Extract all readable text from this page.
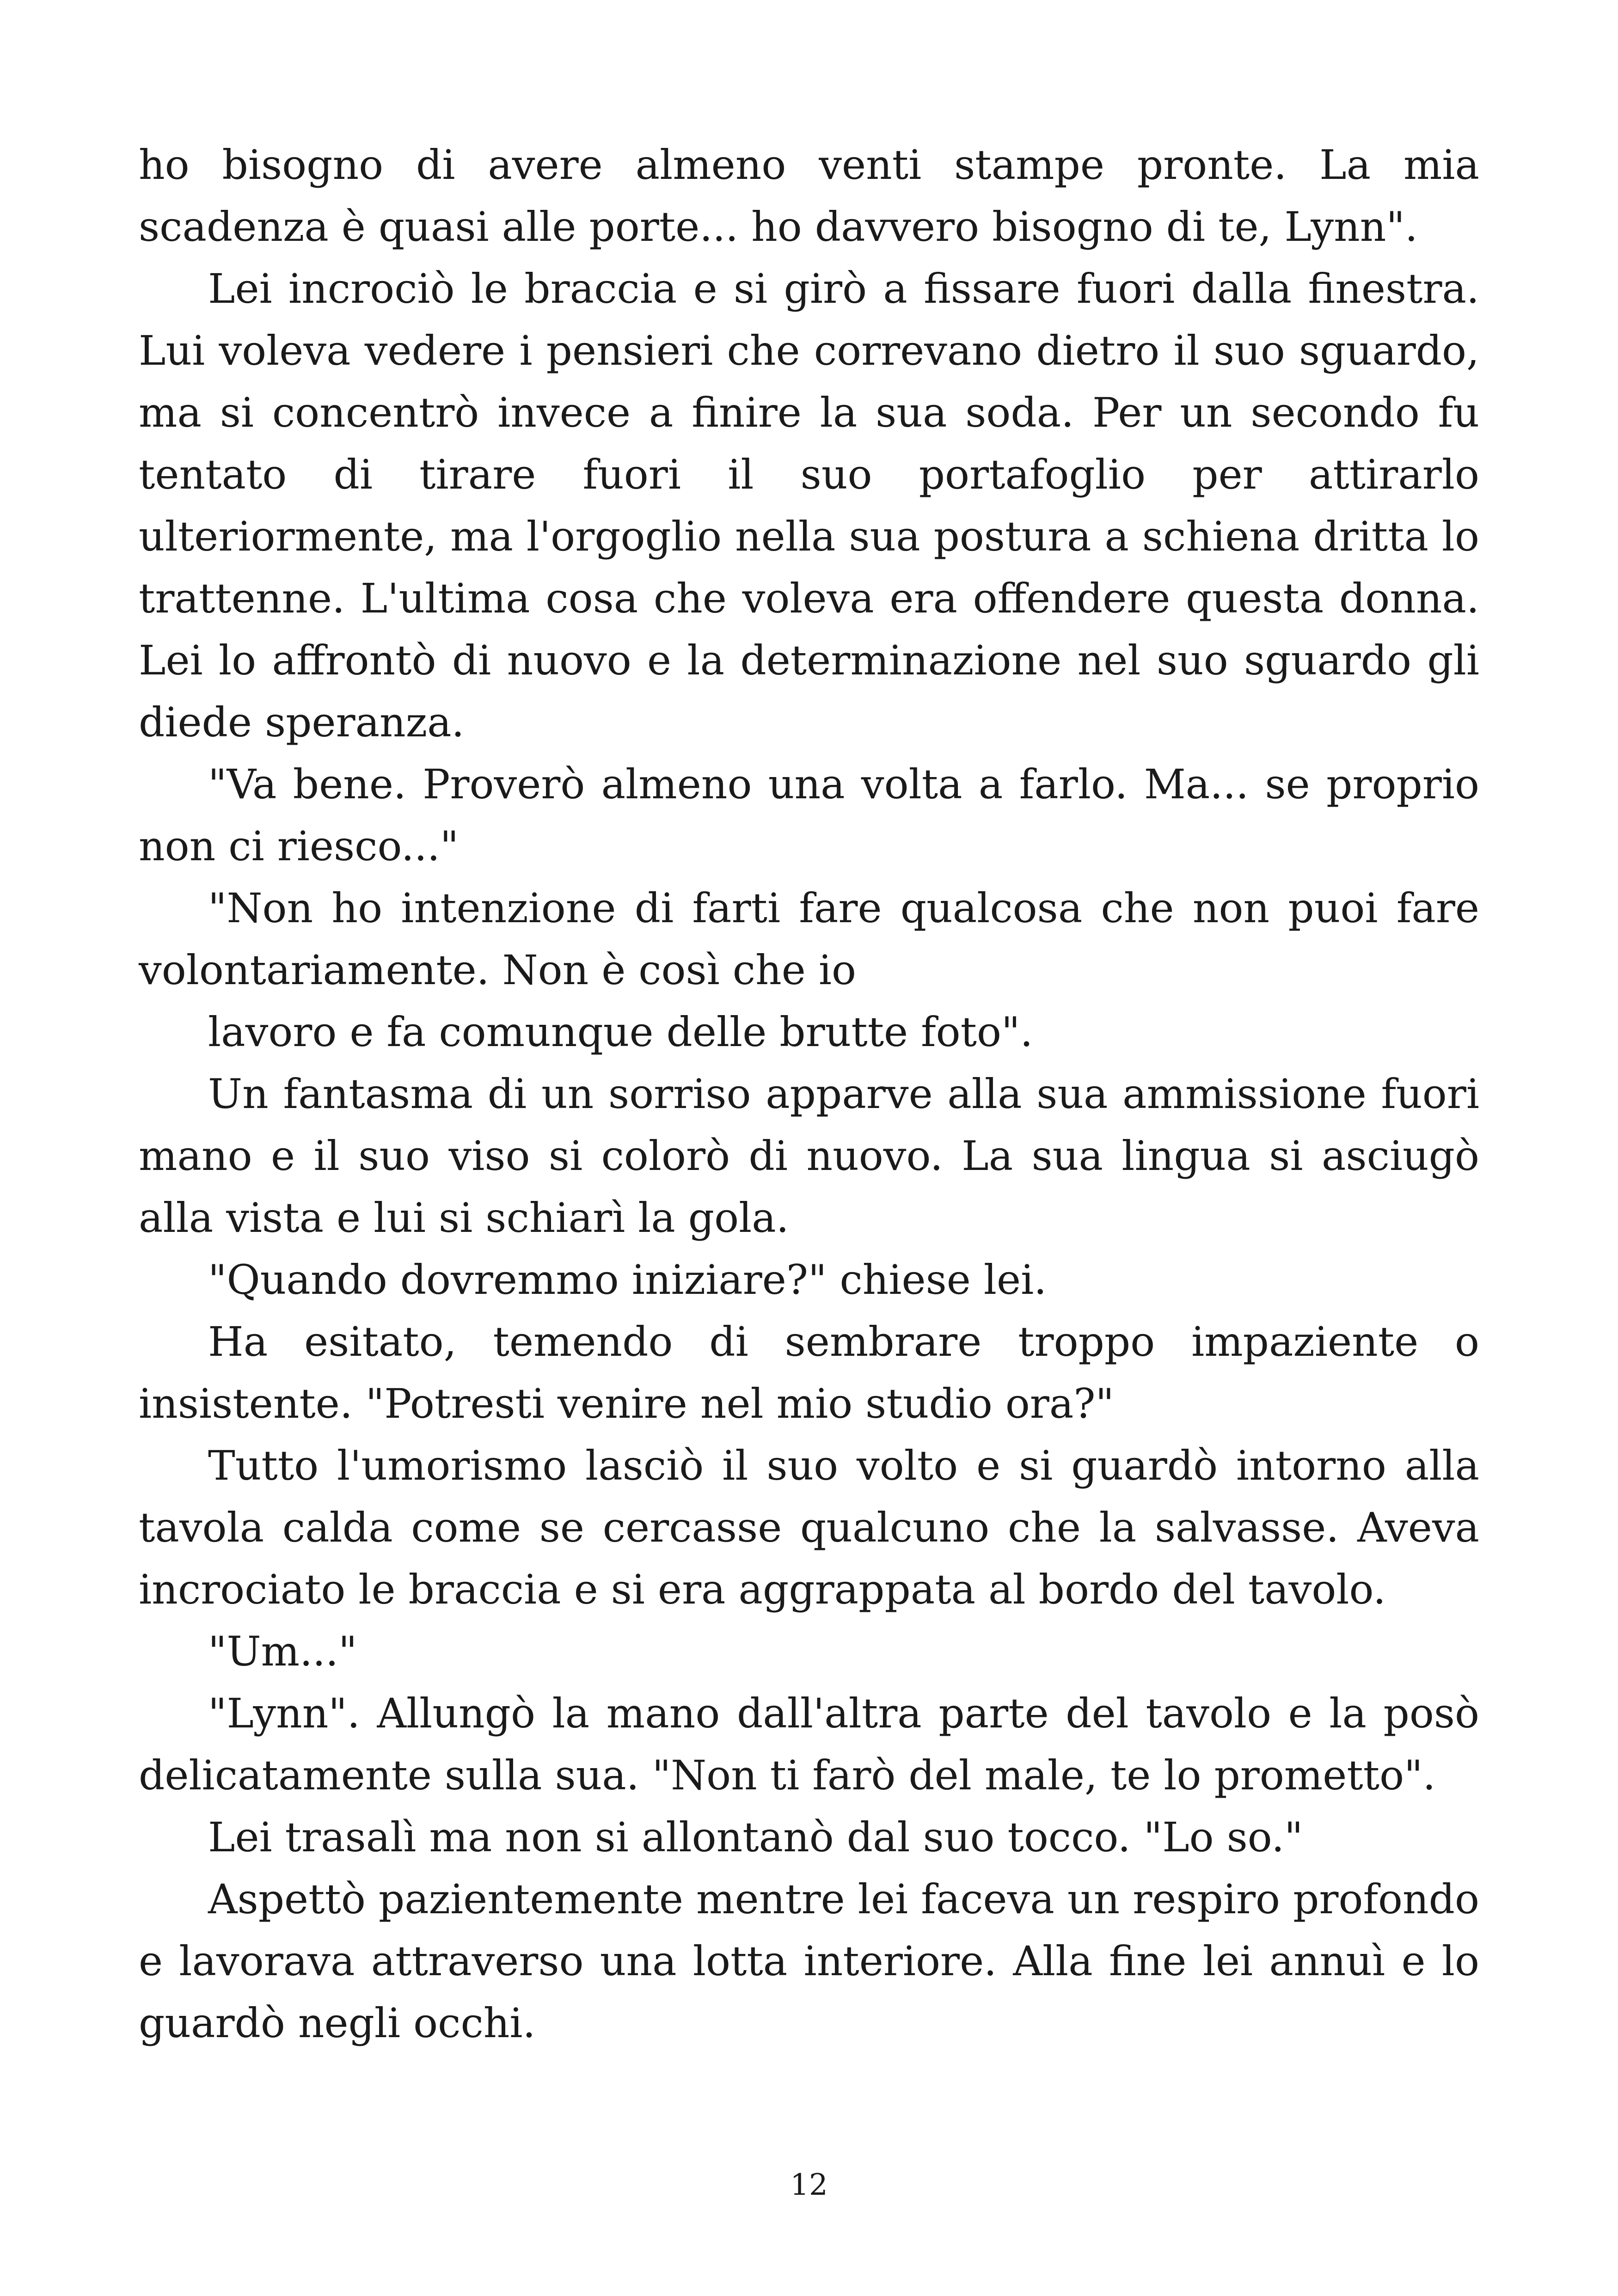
ho bisogno di avere almeno venti stampe pronte. La mia scadenza è quasi alle porte... ho davvero bisogno di te, Lynn".

Lei incrociò le braccia e si girò a fissare fuori dalla finestra. Lui voleva vedere i pensieri che correvano dietro il suo sguardo, ma si concentrò invece a finire la sua soda. Per un secondo fu tentato di tirare fuori il suo portafoglio per attirarlo ulteriormente, ma l'orgoglio nella sua postura a schiena dritta lo trattenne. L'ultima cosa che voleva era offendere questa donna. Lei lo affrontò di nuovo e la determinazione nel suo sguardo gli diede speranza.

"Va bene. Proverò almeno una volta a farlo. Ma... se proprio non ci riesco..."

"Non ho intenzione di farti fare qualcosa che non puoi fare volontariamente. Non è così che io

lavoro e fa comunque delle brutte foto".

Un fantasma di un sorriso apparve alla sua ammissione fuori mano e il suo viso si colorò di nuovo. La sua lingua si asciugò alla vista e lui si schiarì la gola.

"Quando dovremmo iniziare?" chiese lei.

Ha esitato, temendo di sembrare troppo impaziente o insistente. "Potresti venire nel mio studio ora?"

Tutto l'umorismo lasciò il suo volto e si guardò intorno alla tavola calda come se cercasse qualcuno che la salvasse. Aveva incrociato le braccia e si era aggrappata al bordo del tavolo.

"Um..."

"Lynn". Allungò la mano dall'altra parte del tavolo e la posò delicatamente sulla sua. "Non ti farò del male, te lo prometto".

Lei trasalì ma non si allontanò dal suo tocco. "Lo so."

Aspettò pazientemente mentre lei faceva un respiro profondo e lavorava attraverso una lotta interiore. Alla fine lei annuì e lo guardò negli occhi.

12
